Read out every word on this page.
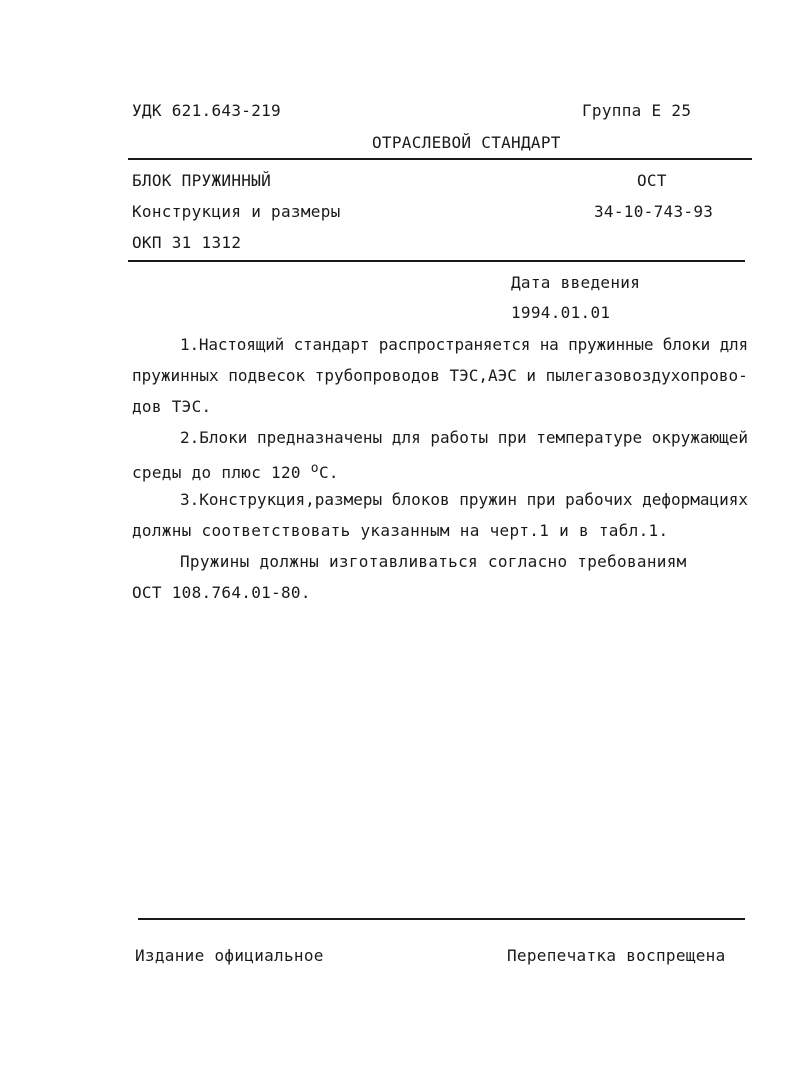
УДК 621.643-219	Группа Е 25
ОТРАСЛЕВОЙ СТАНДАРТ
БЛОК ПРУЖИННЫЙ	ОСТ
Конструкция и размеры	34-10-743-93
ОКП 31 1312
Дата введения
1994.01.01
1.Настоящий стандарт распространяется на пружинные блоки для
пружинных подвесок трубопроводов ТЭС,АЭС и пылегазовоздухопрово-
дов ТЭС.
2.Блоки предназначены для работы при температуре окружающей
среды до плюс 120 $^о$С.
3.Конструкция,размеры блоков пружин при рабочих деформациях
должны соответствовать указанным на черт.1 и в табл.1.
Пружины должны изготавливаться согласно требованиям
ОСТ 108.764.01-80.
Издание официальное	Перепечатка воспрещена
